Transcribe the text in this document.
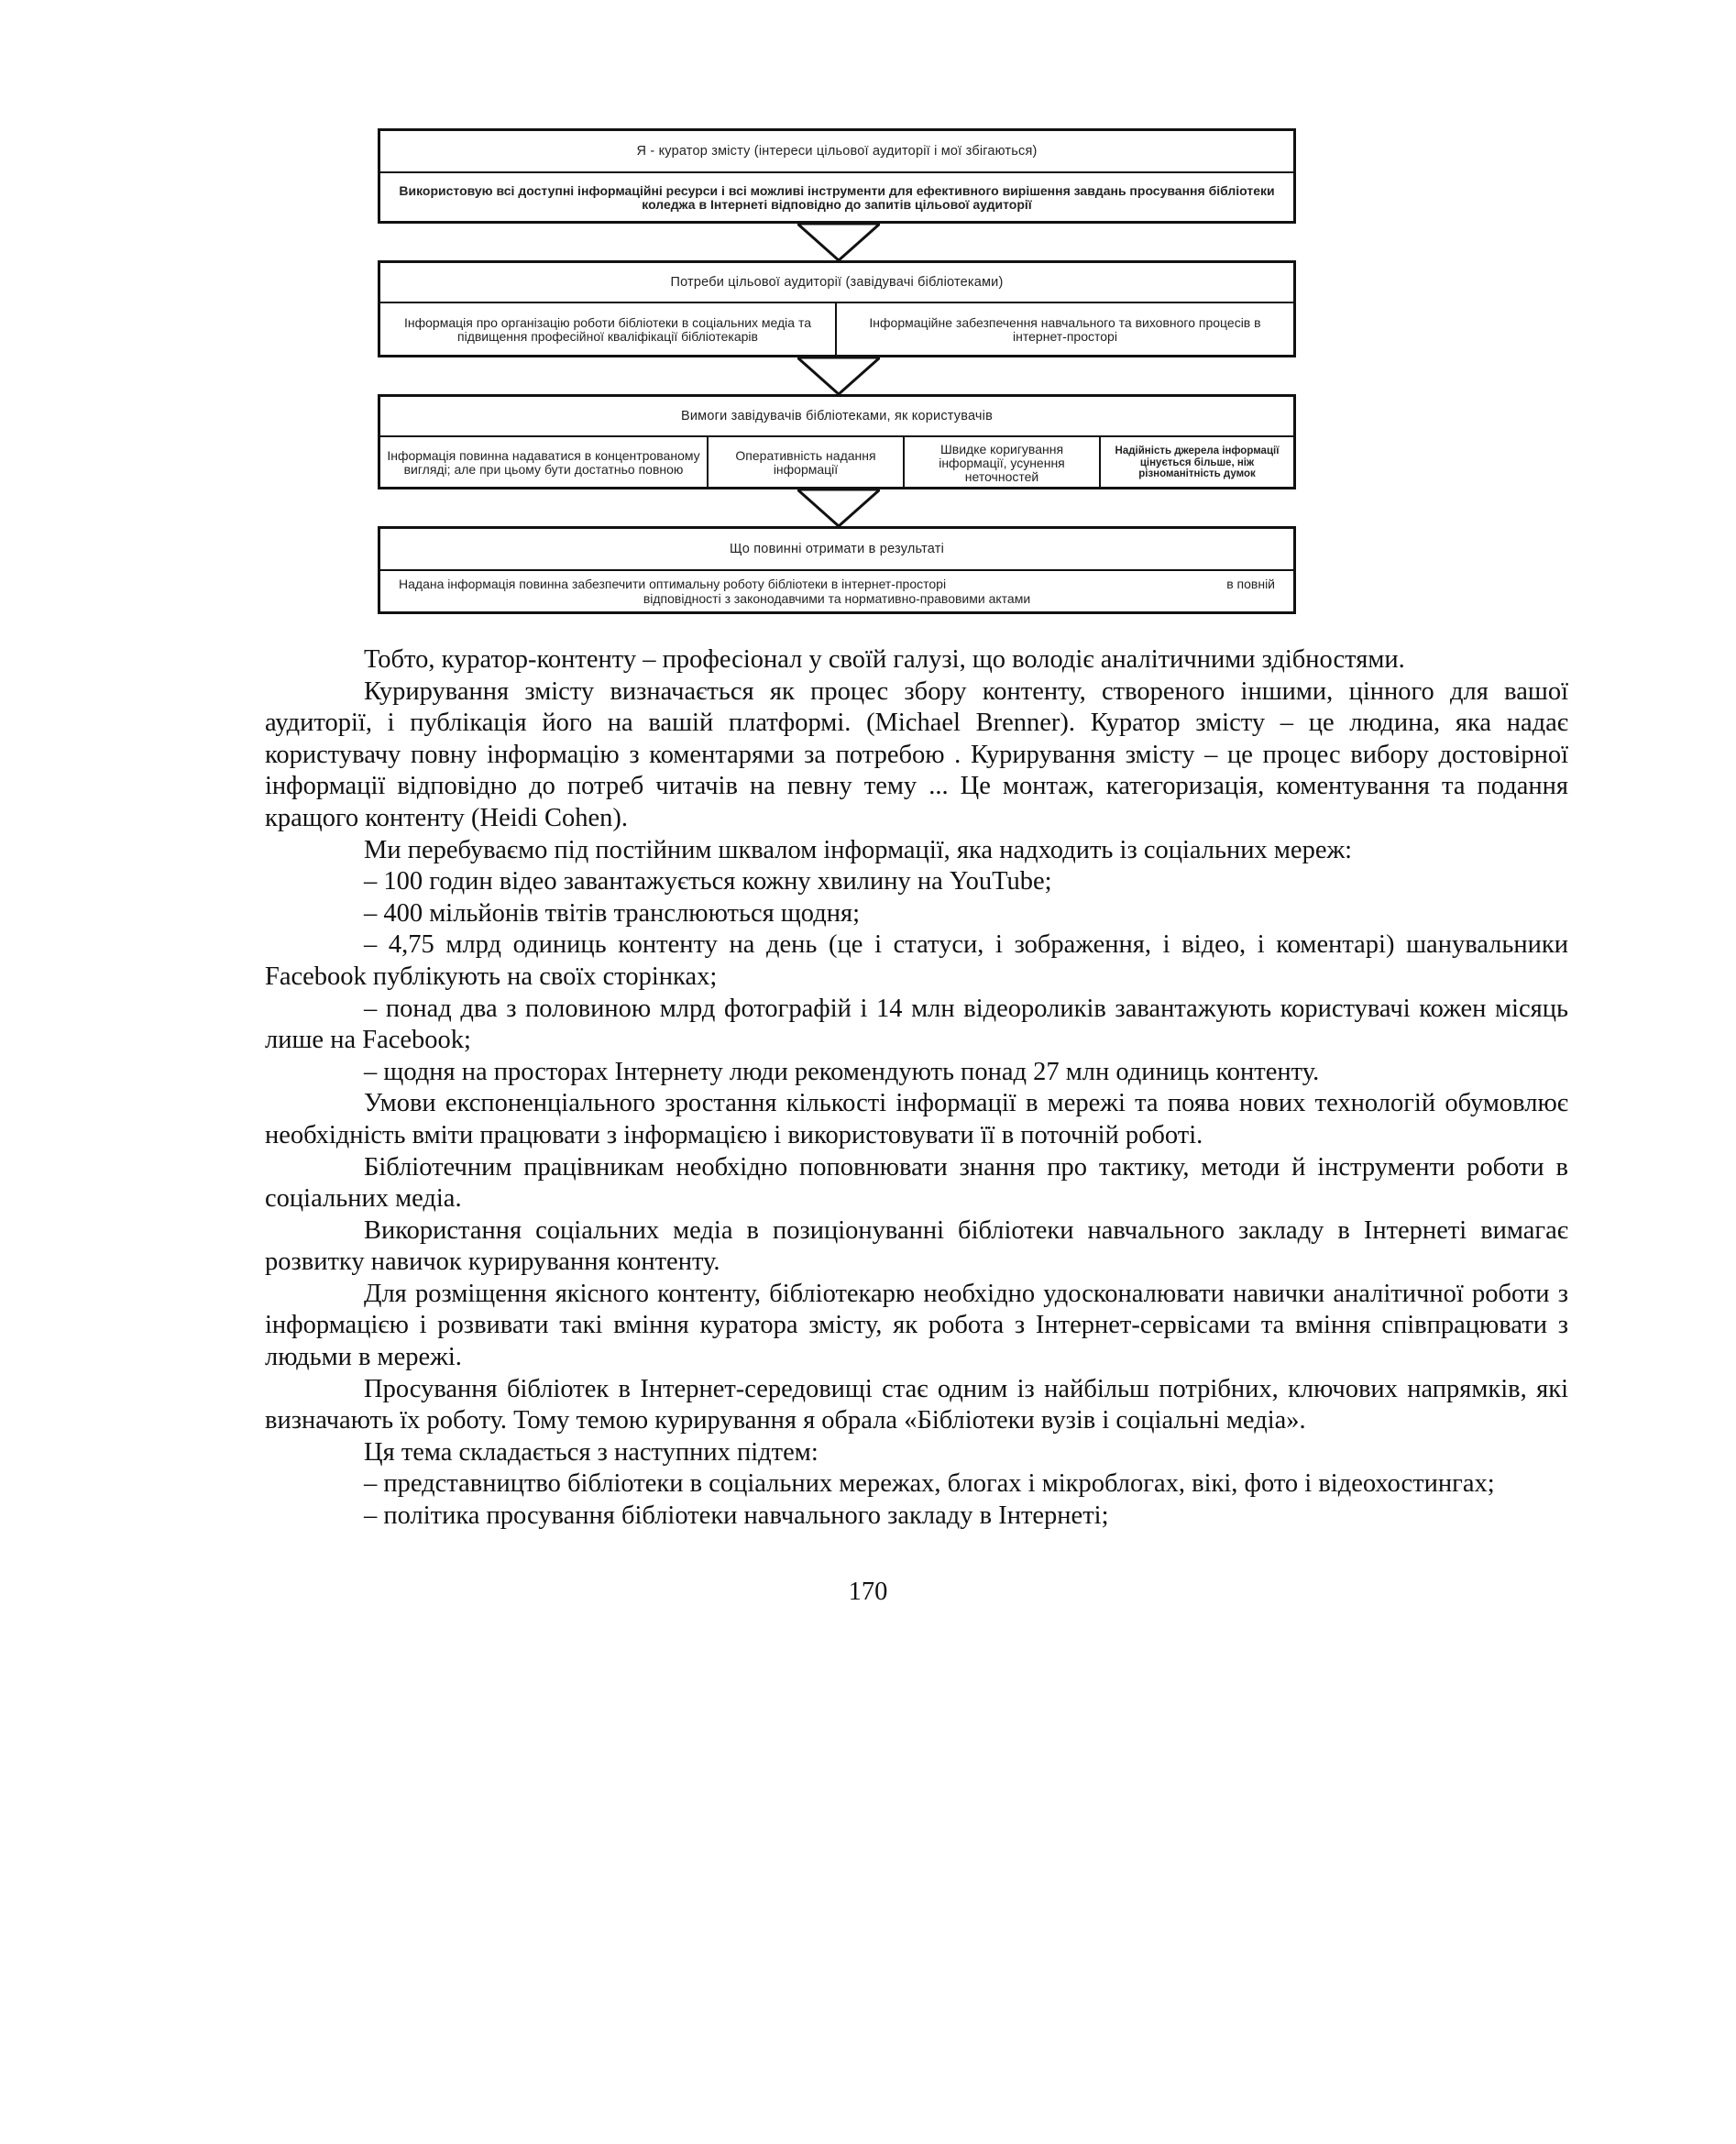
Я - куратор змісту (інтереси цільової аудиторії і мої збігаються)
Використовую всі доступні інформаційні ресурси і всі можливі інструменти для ефективного вирішення завдань просування бібліотеки коледжа в Інтернеті відповідно до запитів цільової аудиторії
Потреби цільової аудиторії (завідувачі бібліотеками)
Інформація про організацію роботи бібліотеки в соціальних медіа та підвищення професійної кваліфікації бібліотекарів
Інформаційне забезпечення навчального та виховного процесів в інтернет-просторі
Вимоги завідувачів бібліотеками, як користувачів
Інформація повинна надаватися в концентрованому вигляді; але при цьому бути достатньо повною
Оперативність надання інформації
Швидке коригування інформації, усунення неточностей
Надійність джерела інформації цінується більше, ніж різноманітність думок
Що повинні отримати в результаті
Надана інформація повинна забезпечити оптимальну роботу бібліотеки в інтернет-просторі	в повній
відповідності з законодавчими та нормативно-правовими актами

Тобто, куратор-контенту – професіонал у своїй галузі, що володіє аналітичними здібностями.

Курирування змісту визначається як процес збору контенту, створеного іншими, цінного для вашої аудиторії, і публікація його на вашій платформі. (Michael Brenner). Куратор змісту – це людина, яка надає користувачу повну інформацію з коментарями за потребою . Курирування змісту – це процес вибору достовірної інформації відповідно до потреб читачів на певну тему ... Це монтаж, категоризація, коментування та подання кращого контенту (Heidi Cohen).

Ми перебуваємо під постійним шквалом інформації, яка надходить із соціальних мереж:

– 100 годин відео завантажується кожну хвилину на YouTube;

– 400 мільйонів твітів транслюються щодня;

– 4,75 млрд одиниць контенту на день (це і статуси, і зображення, і відео, і коментарі) шанувальники Facebook публікують на своїх сторінках;

– понад два з половиною млрд фотографій і 14 млн відеороликів завантажують користувачі кожен місяць лише на Facebook;

– щодня на просторах Інтернету люди рекомендують понад 27 млн одиниць контенту.

Умови експоненціального зростання кількості інформації в мережі та поява нових технологій обумовлює необхідність вміти працювати з інформацією і використовувати її в поточній роботі.

Бібліотечним працівникам необхідно поповнювати знання про тактику, методи й інструменти роботи в соціальних медіа.

Використання соціальних медіа в позиціонуванні бібліотеки навчального закладу в Інтернеті вимагає розвитку навичок курирування контенту.

Для розміщення якісного контенту, бібліотекарю необхідно удосконалювати навички аналітичної роботи з інформацією і розвивати такі вміння куратора змісту, як робота з Інтернет-сервісами та вміння співпрацювати з людьми в мережі.

Просування бібліотек в Інтернет-середовищі стає одним із найбільш потрібних, ключових напрямків, які визначають їх роботу. Тому темою курирування я обрала «Бібліотеки вузів і соціальні медіа».

Ця тема складається з наступних підтем:

– представництво бібліотеки в соціальних мережах, блогах і мікроблогах, вікі, фото і відеохостингах;

– політика просування бібліотеки навчального закладу в Інтернеті;

170
